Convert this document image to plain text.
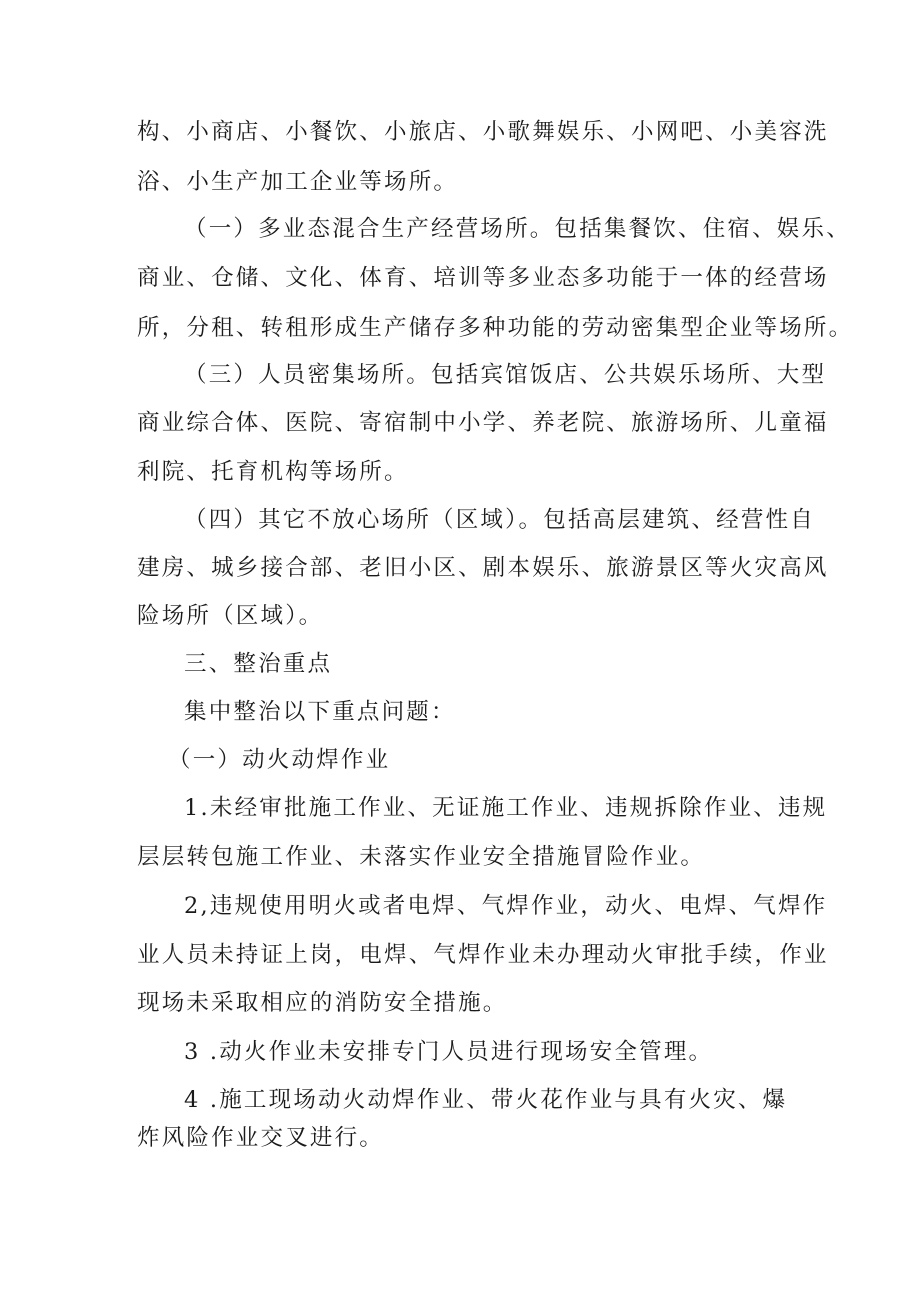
构、小商店、小餐饮、小旅店、小歌舞娱乐、小网吧、小美容洗
浴、小生产加工企业等场所。
（一）多业态混合生产经营场所。包括集餐饮、住宿、娱乐、
商业、仓储、文化、体育、培训等多业态多功能于一体的经营场
所，分租、转租形成生产储存多种功能的劳动密集型企业等场所。
（三）人员密集场所。包括宾馆饭店、公共娱乐场所、大型
商业综合体、医院、寄宿制中小学、养老院、旅游场所、儿童福
利院、托育机构等场所。
（四）其它不放心场所（区域）。包括高层建筑、经营性自
建房、城乡接合部、老旧小区、剧本娱乐、旅游景区等火灾高风
险场所（区域）。
三、整治重点
集中整治以下重点问题：
（一）动火动焊作业
1.未经审批施工作业、无证施工作业、违规拆除作业、违规
层层转包施工作业、未落实作业安全措施冒险作业。
2,违规使用明火或者电焊、气焊作业，动火、电焊、气焊作
业人员未持证上岗，电焊、气焊作业未办理动火审批手续，作业
现场未采取相应的消防安全措施。
3 .动火作业未安排专门人员进行现场安全管理。
4 .施工现场动火动焊作业、带火花作业与具有火灾、爆
炸风险作业交叉进行。
